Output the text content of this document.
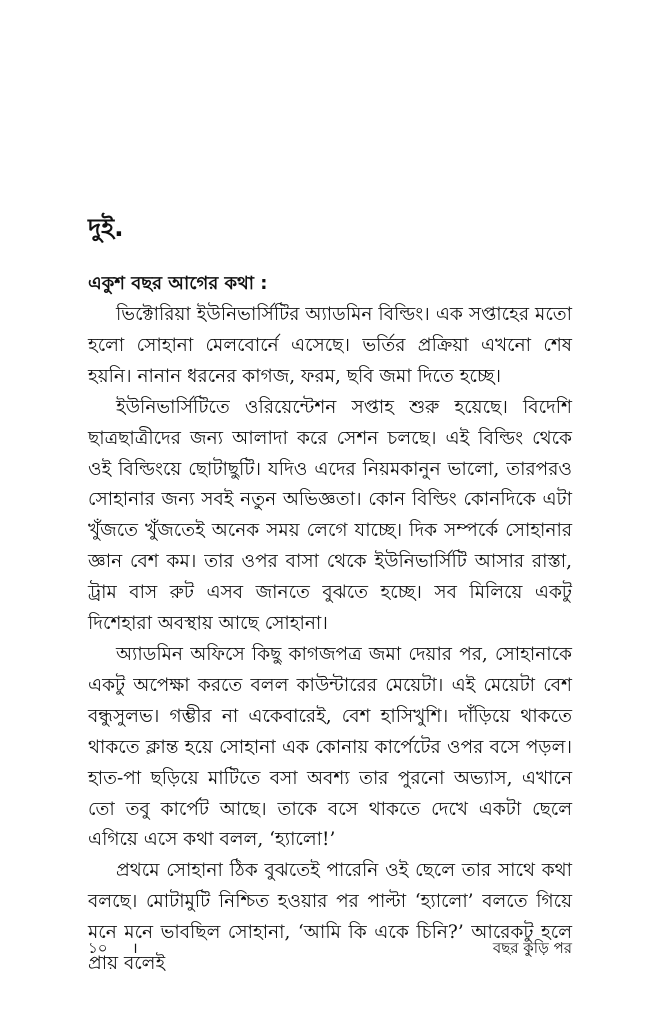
দুই.
একুশ বছর আগের কথা :

ভিক্টোরিয়া ইউনিভার্সিটির অ্যাডমিন বিল্ডিং। এক সপ্তাহের মতো হলো সোহানা মেলবোর্নে এসেছে। ভর্তির প্রক্রিয়া এখনো শেষ হয়নি। নানান ধরনের কাগজ, ফরম, ছবি জমা দিতে হচ্ছে।

ইউনিভার্সিটিতে ওরিয়েন্টেশন সপ্তাহ শুরু হয়েছে। বিদেশি ছাত্রছাত্রীদের জন্য আলাদা করে সেশন চলছে। এই বিল্ডিং থেকে ওই বিল্ডিংয়ে ছোটাছুটি। যদিও এদের নিয়মকানুন ভালো, তারপরও সোহানার জন্য সবই নতুন অভিজ্ঞতা। কোন বিল্ডিং কোনদিকে এটা খুঁজতে খুঁজতেই অনেক সময় লেগে যাচ্ছে। দিক সম্পর্কে সোহানার জ্ঞান বেশ কম। তার ওপর বাসা থেকে ইউনিভার্সিটি আসার রাস্তা, ট্রাম বাস রুট এসব জানতে বুঝতে হচ্ছে। সব মিলিয়ে একটু দিশেহারা অবস্থায় আছে সোহানা।

অ্যাডমিন অফিসে কিছু কাগজপত্র জমা দেয়ার পর, সোহানাকে একটু অপেক্ষা করতে বলল কাউন্টারের মেয়েটা। এই মেয়েটা বেশ বন্ধুসুলভ। গম্ভীর না একেবারেই, বেশ হাসিখুশি। দাঁড়িয়ে থাকতে থাকতে ক্লান্ত হয়ে সোহানা এক কোনায় কার্পেটের ওপর বসে পড়ল। হাত-পা ছড়িয়ে মাটিতে বসা অবশ্য তার পুরনো অভ্যাস, এখানে তো তবু কার্পেট আছে। তাকে বসে থাকতে দেখে একটা ছেলে এগিয়ে এসে কথা বলল, ‘হ্যালো!’

প্রথমে সোহানা ঠিক বুঝতেই পারেনি ওই ছেলে তার সাথে কথা বলছে। মোটামুটি নিশ্চিত হওয়ার পর পাল্টা ‘হ্যালো’ বলতে গিয়ে মনে মনে ভাবছিল সোহানা, ‘আমি কি একে চিনি?’ আরেকটু হলে প্রায় বলেই

১০ ।	বছর কুড়ি পর
